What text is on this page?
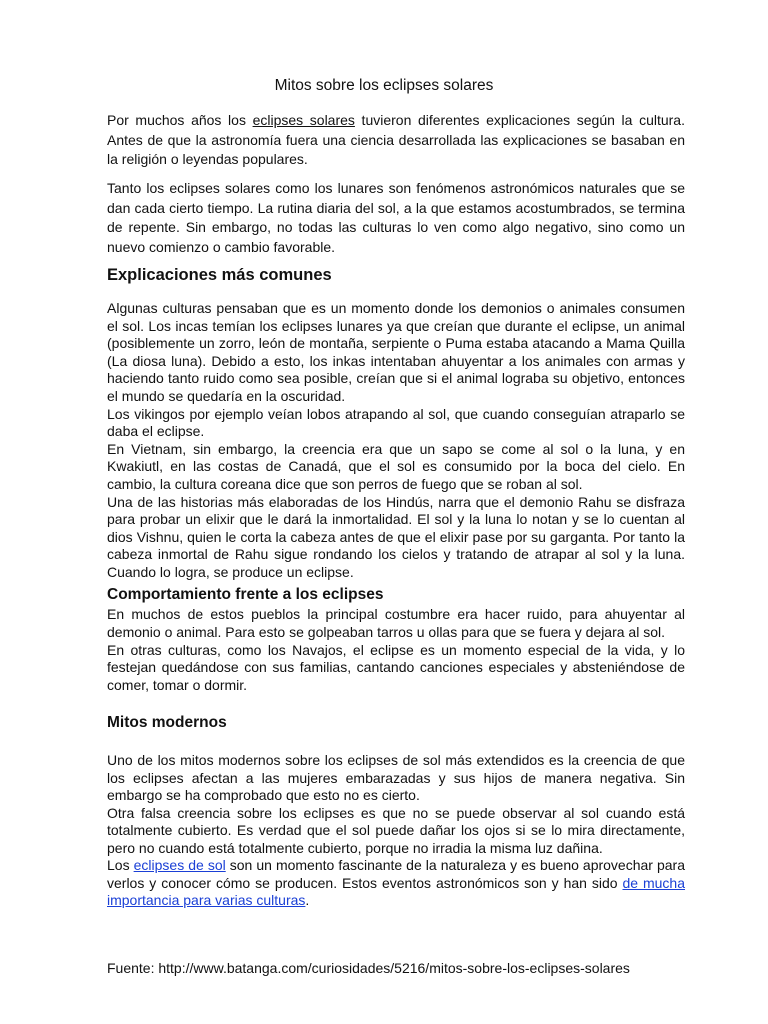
Mitos sobre los eclipses solares

Por muchos años los eclipses solares tuvieron diferentes explicaciones según la cultura. Antes de que la astronomía fuera una ciencia desarrollada las explicaciones se basaban en la religión o leyendas populares.

Tanto los eclipses solares como los lunares son fenómenos astronómicos naturales que se dan cada cierto tiempo. La rutina diaria del sol, a la que estamos acostumbrados, se termina de repente. Sin embargo, no todas las culturas lo ven como algo negativo, sino como un nuevo comienzo o cambio favorable.

Explicaciones más comunes

Algunas culturas pensaban que es un momento donde los demonios o animales consumen el sol. Los incas temían los eclipses lunares ya que creían que durante el eclipse, un animal (posiblemente un zorro, león de montaña, serpiente o Puma estaba atacando a Mama Quilla (La diosa luna). Debido a esto, los inkas intentaban ahuyentar a los animales con armas y haciendo tanto ruido como sea posible, creían que si el animal lograba su objetivo, entonces el mundo se quedaría en la oscuridad.

Los vikingos por ejemplo veían lobos atrapando al sol, que cuando conseguían atraparlo se daba el eclipse.

En Vietnam, sin embargo, la creencia era que un sapo se come al sol o la luna, y en Kwakiutl, en las costas de Canadá, que el sol es consumido por la boca del cielo. En cambio, la cultura coreana dice que son perros de fuego que se roban al sol.

Una de las historias más elaboradas de los Hindús, narra que el demonio Rahu se disfraza para probar un elixir que le dará la inmortalidad. El sol y la luna lo notan y se lo cuentan al dios Vishnu, quien le corta la cabeza antes de que el elixir pase por su garganta. Por tanto la cabeza inmortal de Rahu sigue rondando los cielos y tratando de atrapar al sol y la luna. Cuando lo logra, se produce un eclipse.

Comportamiento frente a los eclipses

En muchos de estos pueblos la principal costumbre era hacer ruido, para ahuyentar al demonio o animal. Para esto se golpeaban tarros u ollas para que se fuera y dejara al sol.

En otras culturas, como los Navajos, el eclipse es un momento especial de la vida, y lo festejan quedándose con sus familias, cantando canciones especiales y absteniéndose de comer, tomar o dormir.

Mitos modernos

Uno de los mitos modernos sobre los eclipses de sol más extendidos es la creencia de que los eclipses afectan a las mujeres embarazadas y sus hijos de manera negativa. Sin embargo se ha comprobado que esto no es cierto.

Otra falsa creencia sobre los eclipses es que no se puede observar al sol cuando está totalmente cubierto. Es verdad que el sol puede dañar los ojos si se lo mira directamente, pero no cuando está totalmente cubierto, porque no irradia la misma luz dañina.

Los eclipses de sol son un momento fascinante de la naturaleza y es bueno aprovechar para verlos y conocer cómo se producen. Estos eventos astronómicos son y han sido de mucha importancia para varias culturas.

Fuente: http://www.batanga.com/curiosidades/5216/mitos-sobre-los-eclipses-solares
